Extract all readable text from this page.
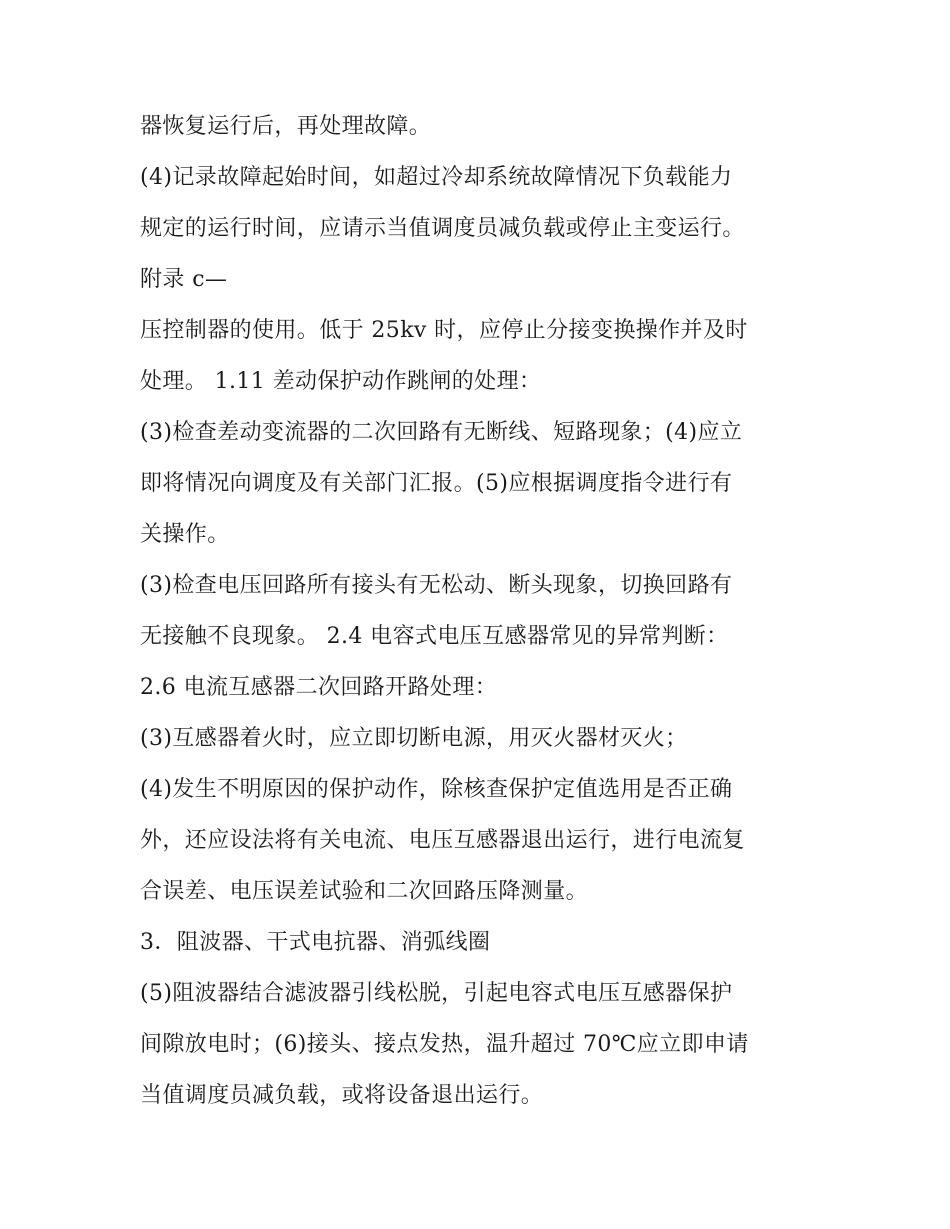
器恢复运行后，再处理故障。
(4)记录故障起始时间，如超过冷却系统故障情况下负载能力
规定的运行时间，应请示当值调度员减负载或停止主变运行。
附录 c—
压控制器的使用。低于 25kv 时，应停止分接变换操作并及时
处理。 1.11 差动保护动作跳闸的处理：
(3)检查差动变流器的二次回路有无断线、短路现象；(4)应立
即将情况向调度及有关部门汇报。(5)应根据调度指令进行有
关操作。
(3)检查电压回路所有接头有无松动、断头现象，切换回路有
无接触不良现象。 2.4 电容式电压互感器常见的异常判断：
2.6 电流互感器二次回路开路处理：
(3)互感器着火时，应立即切断电源，用灭火器材灭火；
(4)发生不明原因的保护动作，除核查保护定值选用是否正确
外，还应设法将有关电流、电压互感器退出运行，进行电流复
合误差、电压误差试验和二次回路压降测量。
3．阻波器、干式电抗器、消弧线圈
(5)阻波器结合滤波器引线松脱，引起电容式电压互感器保护
间隙放电时；(6)接头、接点发热，温升超过 70℃应立即申请
当值调度员减负载，或将设备退出运行。
